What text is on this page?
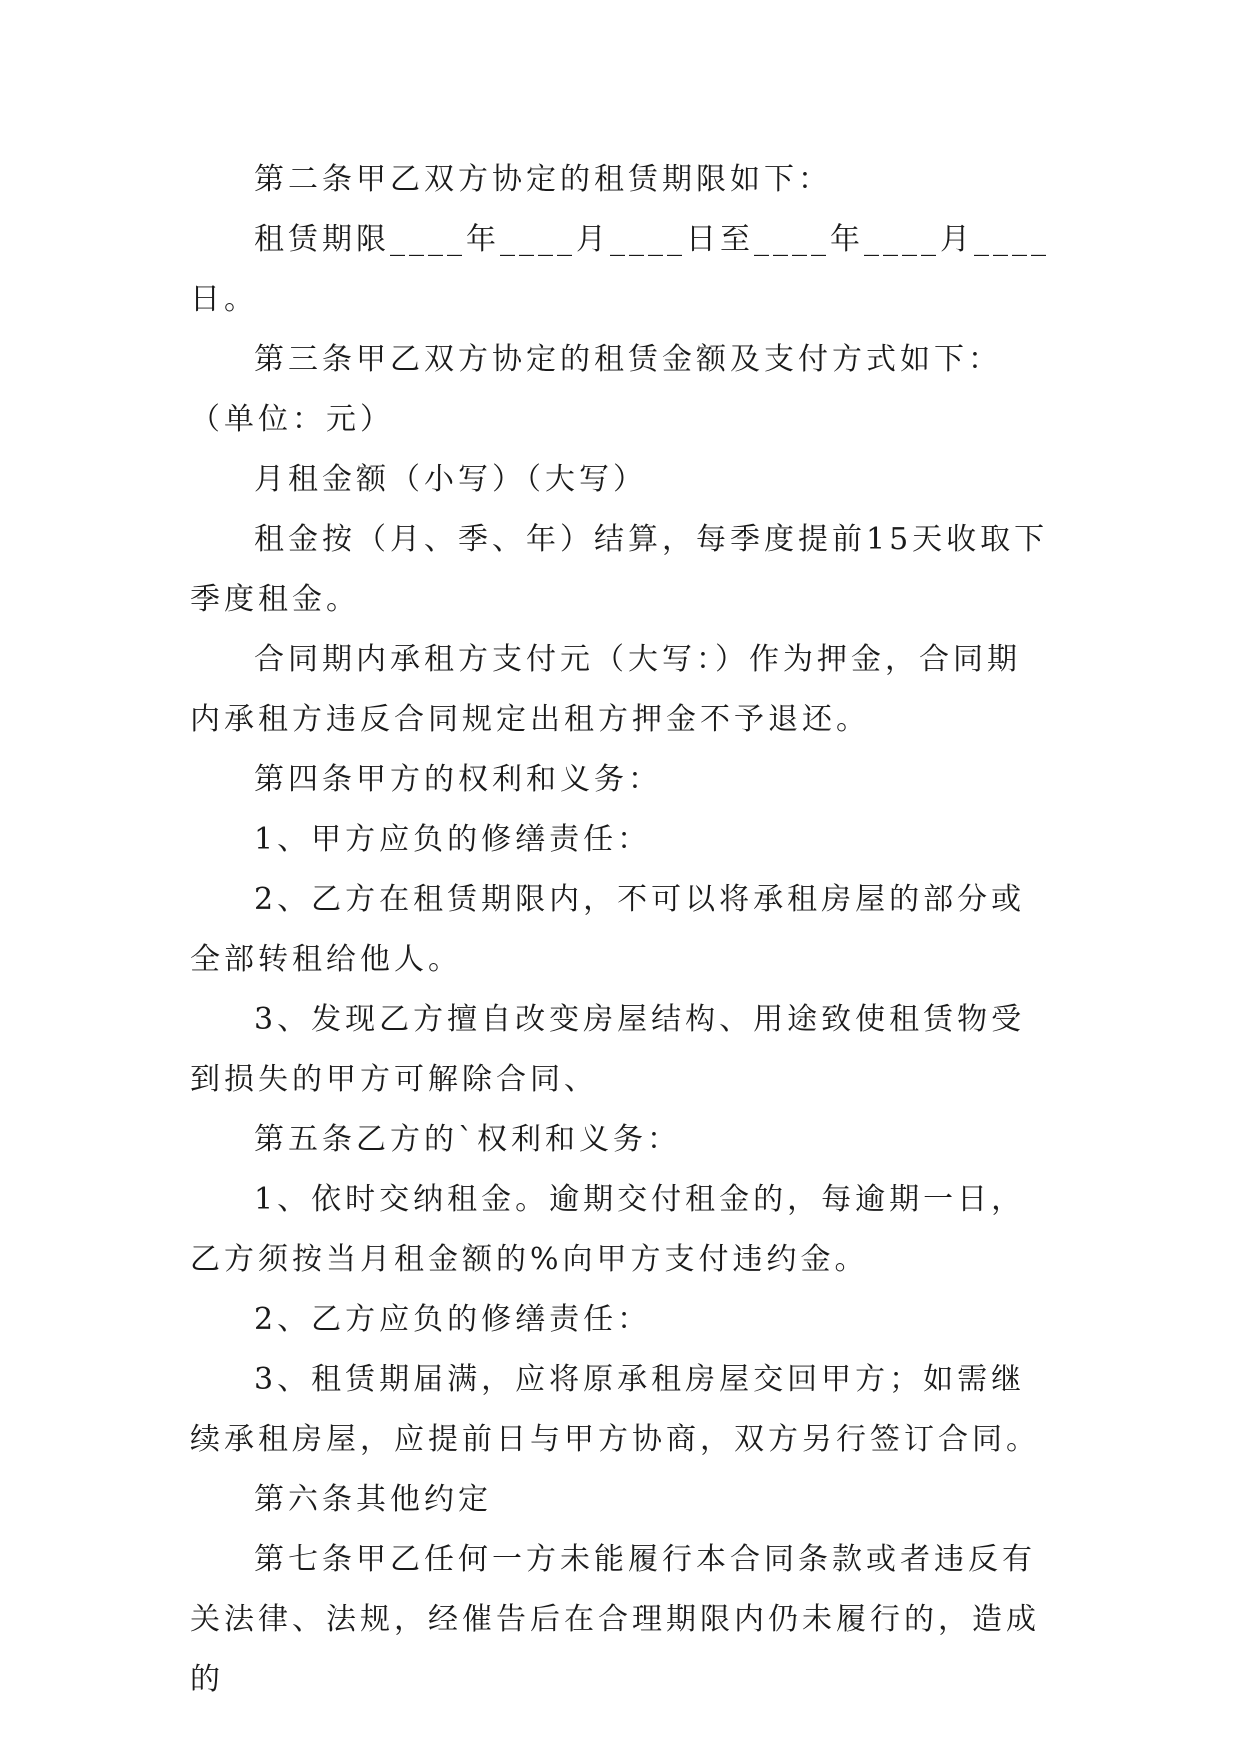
第二条甲乙双方协定的租赁期限如下：

租赁期限____年____月____日至____年____月____日。

第三条甲乙双方协定的租赁金额及支付方式如下：（单位：元）

月租金额（小写）（大写）

租金按（月、季、年）结算，每季度提前15天收取下季度租金。

合同期内承租方支付元（大写：）作为押金，合同期内承租方违反合同规定出租方押金不予退还。

第四条甲方的权利和义务：

1、甲方应负的修缮责任：

2、乙方在租赁期限内，不可以将承租房屋的部分或全部转租给他人。

3、发现乙方擅自改变房屋结构、用途致使租赁物受到损失的甲方可解除合同、

第五条乙方的`权利和义务：

1、依时交纳租金。逾期交付租金的，每逾期一日，乙方须按当月租金额的%向甲方支付违约金。

2、乙方应负的修缮责任：

3、租赁期届满，应将原承租房屋交回甲方；如需继续承租房屋，应提前日与甲方协商，双方另行签订合同。

第六条其他约定

第七条甲乙任何一方未能履行本合同条款或者违反有关法律、法规，经催告后在合理期限内仍未履行的，造成的
